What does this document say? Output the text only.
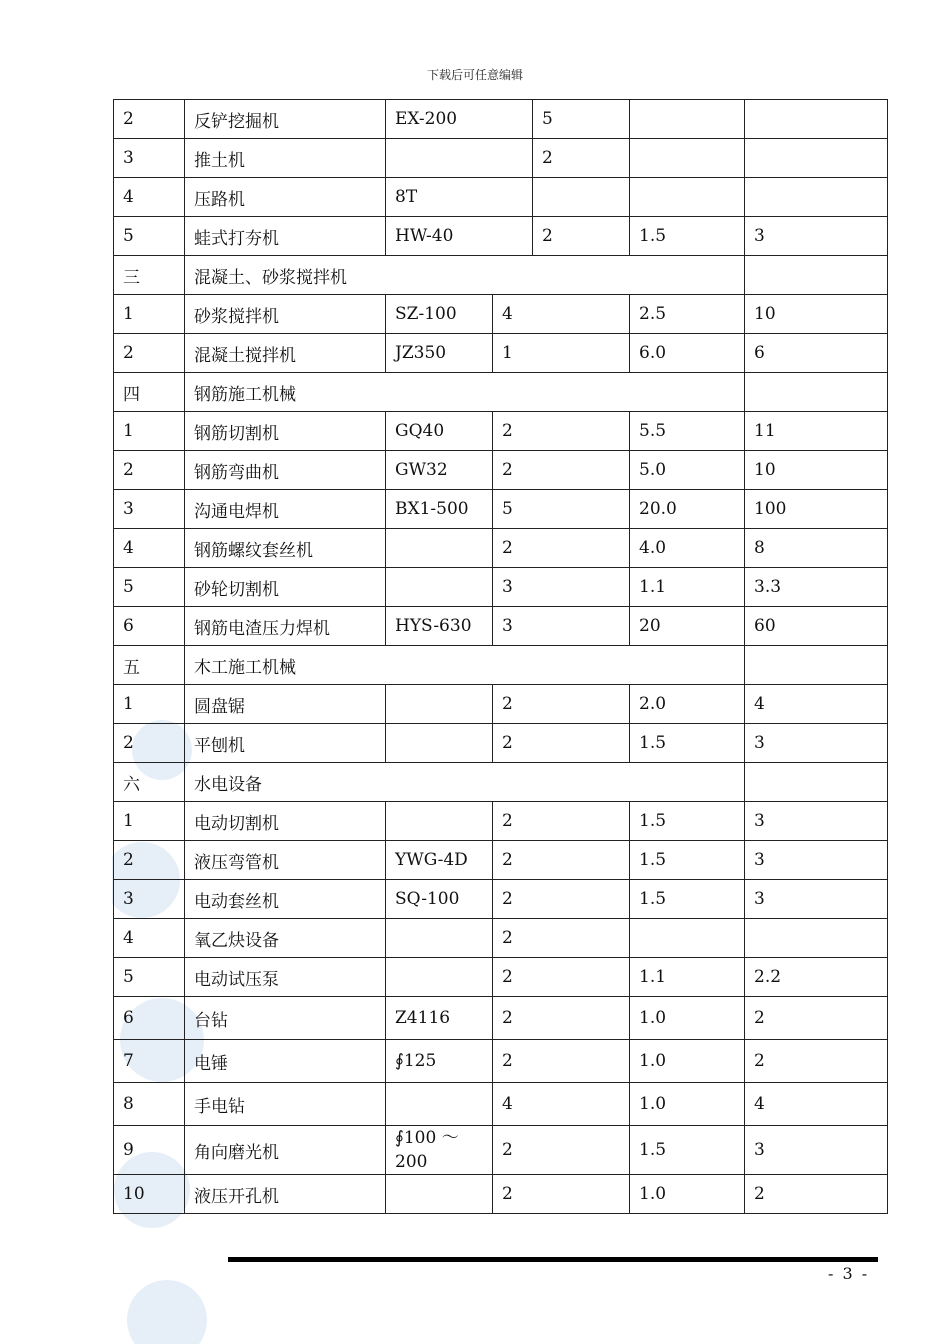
下载后可任意编辑
2	反铲挖掘机	EX-200		5		
3	推土机			2		
4	压路机	8T				
5	蛙式打夯机	HW-40		2	1.5	3
三	混凝土、砂浆搅拌机					
1	砂浆搅拌机	SZ-100	4		2.5	10
2	混凝土搅拌机	JZ350	1		6.0	6
四	钢筋施工机械					
1	钢筋切割机	GQ40	2		5.5	11
2	钢筋弯曲机	GW32	2		5.0	10
3	沟通电焊机	BX1-500	5		20.0	100
4	钢筋螺纹套丝机		2		4.0	8
5	砂轮切割机		3		1.1	3.3
6	钢筋电渣压力焊机	HYS-630	3		20	60
五	木工施工机械					
1	圆盘锯		2		2.0	4
2	平刨机		2		1.5	3
六	水电设备					
1	电动切割机		2		1.5	3
2	液压弯管机	YWG-4D	2		1.5	3
3	电动套丝机	SQ-100	2		1.5	3
4	氧乙炔设备		2			
5	电动试压泵		2		1.1	2.2
6	台钻	Z4116	2		1.0	2
7	电锤	∮125	2		1.0	2
8	手电钻		4		1.0	4
9	角向磨光机	∮100 ～200	2		1.5	3
10	液压开孔机		2		1.0	2
- 3 -
